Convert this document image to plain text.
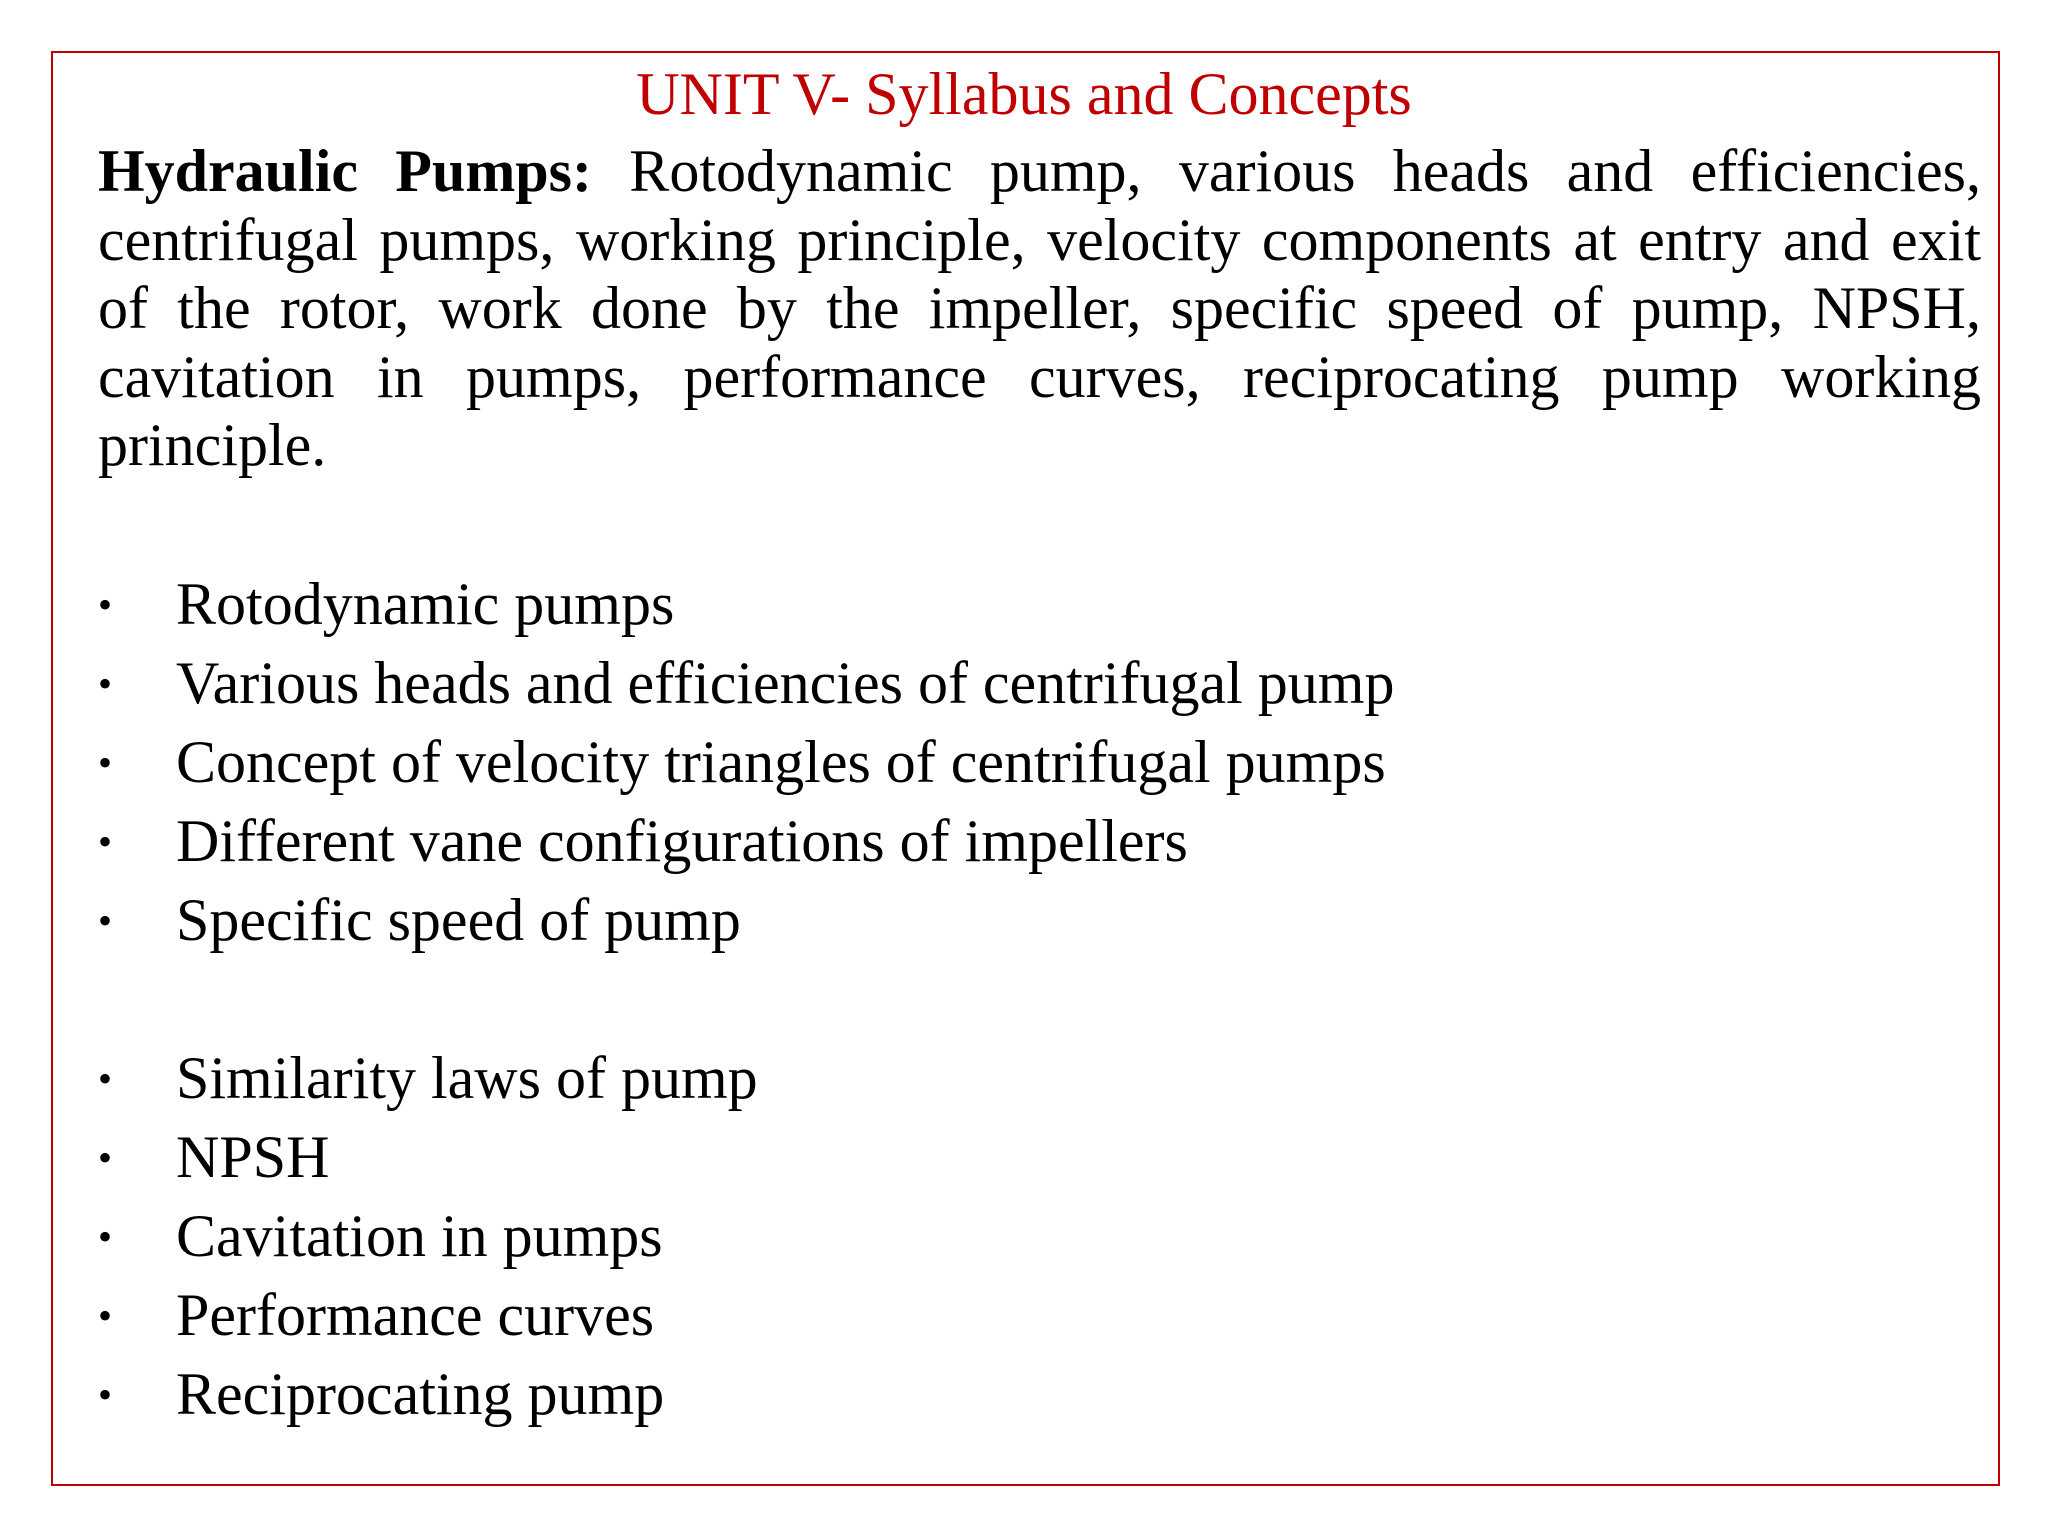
UNIT V- Syllabus and Concepts

Hydraulic Pumps: Rotodynamic pump, various heads and efficiencies, centrifugal pumps, working principle, velocity components at entry and exit of the rotor, work done by the impeller, specific speed of pump, NPSH, cavitation in pumps, performance curves, reciprocating pump working principle.

• Rotodynamic pumps
• Various heads and efficiencies of centrifugal pump
• Concept of velocity triangles of centrifugal pumps
• Different vane configurations of impellers
• Specific speed of pump
• Similarity laws of pump
• NPSH
• Cavitation in pumps
• Performance curves
• Reciprocating pump
